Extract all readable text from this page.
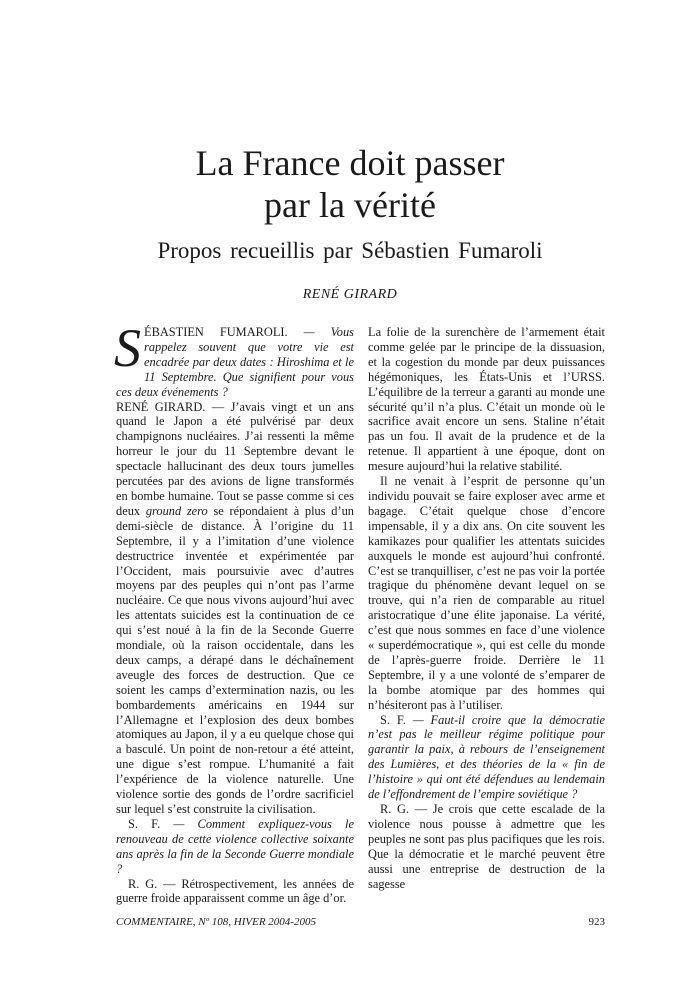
La France doit passer
par la vérité
Propos recueillis par Sébastien Fumaroli
RENÉ GIRARD

SÉBASTIEN FUMAROLI. — Vous rappelez souvent que votre vie est encadrée par deux dates : Hiroshima et le 11 Septembre. Que signifient pour vous ces deux événements ?

RENÉ GIRARD. — J’avais vingt et un ans quand le Japon a été pulvérisé par deux champignons nucléaires. J’ai ressenti la même horreur le jour du 11 Septembre devant le spectacle hallucinant des deux tours jumelles percutées par des avions de ligne transformés en bombe humaine. Tout se passe comme si ces deux ground zero se répondaient à plus d’un demi-siècle de distance. À l’origine du 11 Septembre, il y a l’imitation d’une violence destructrice inventée et expérimentée par l’Occident, mais poursuivie avec d’autres moyens par des peuples qui n’ont pas l’arme nucléaire. Ce que nous vivons aujourd’hui avec les attentats suicides est la continuation de ce qui s’est noué à la fin de la Seconde Guerre mondiale, où la raison occidentale, dans les deux camps, a dérapé dans le déchaînement aveugle des forces de destruction. Que ce soient les camps d’extermination nazis, ou les bombardements américains en 1944 sur l’Allemagne et l’explosion des deux bombes atomiques au Japon, il y a eu quelque chose qui a basculé. Un point de non-retour a été atteint, une digue s’est rompue. L’humanité a fait l’expérience de la violence naturelle. Une violence sortie des gonds de l’ordre sacrificiel sur lequel s’est construite la civilisation.

S. F. — Comment expliquez-vous le renouveau de cette violence collective soixante ans après la fin de la Seconde Guerre mondiale ?

R. G. — Rétrospectivement, les années de guerre froide apparaissent comme un âge d’or.

La folie de la surenchère de l’armement était comme gelée par le principe de la dissuasion, et la cogestion du monde par deux puissances hégémoniques, les États-Unis et l’URSS. L’équilibre de la terreur a garanti au monde une sécurité qu’il n’a plus. C’était un monde où le sacrifice avait encore un sens. Staline n’était pas un fou. Il avait de la prudence et de la retenue. Il appartient à une époque, dont on mesure aujourd’hui la relative stabilité.

Il ne venait à l’esprit de personne qu’un individu pouvait se faire exploser avec arme et bagage. C’était quelque chose d’encore impensable, il y a dix ans. On cite souvent les kamikazes pour qualifier les attentats suicides auxquels le monde est aujourd’hui confronté. C’est se tranquilliser, c’est ne pas voir la portée tragique du phénomène devant lequel on se trouve, qui n’a rien de comparable au rituel aristocratique d’une élite japonaise. La vérité, c’est que nous sommes en face d’une violence « superdémocratique », qui est celle du monde de l’après-guerre froide. Derrière le 11 Septembre, il y a une volonté de s’emparer de la bombe atomique par des hommes qui n’hésiteront pas à l’utiliser.

S. F. — Faut-il croire que la démocratie n’est pas le meilleur régime politique pour garantir la paix, à rebours de l’enseignement des Lumières, et des théories de la « fin de l’histoire » qui ont été défendues au lendemain de l’effondrement de l’empire soviétique ?

R. G. — Je crois que cette escalade de la violence nous pousse à admettre que les peuples ne sont pas plus pacifiques que les rois. Que la démocratie et le marché peuvent être aussi une entreprise de destruction de la sagesse

COMMENTAIRE, Nº 108, HIVER 2004-2005	923
